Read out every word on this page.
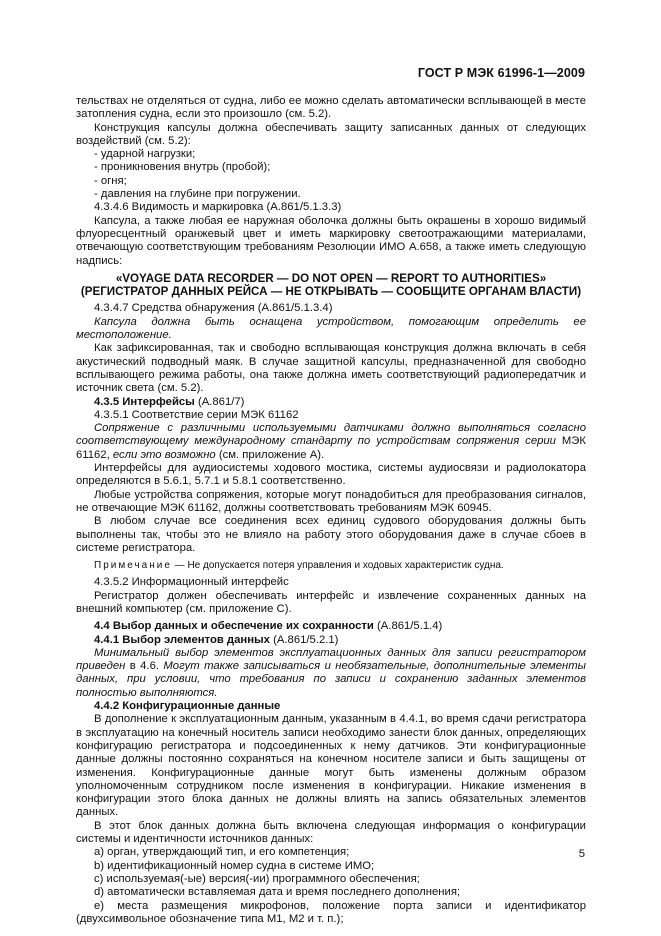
ГОСТ Р МЭК 61996-1—2009

тельствах не отделяться от судна, либо ее можно сделать автоматически всплывающей в месте затопления судна, если это произошло (см. 5.2).

Конструкция капсулы должна обеспечивать защиту записанных данных от следующих воздействий (см. 5.2):

- ударной нагрузки;

- проникновения внутрь (пробой);

- огня;

- давления на глубине при погружении.

4.3.4.6 Видимость и маркировка (А.861/5.1.3.3)

Капсула, а также любая ее наружная оболочка должны быть окрашены в хорошо видимый флуоресцентный оранжевый цвет и иметь маркировку светоотражающими материалами, отвечающую соответствующим требованиям Резолюции ИМО А.658, а также иметь следующую надпись:

«VOYAGE DATA RECORDER — DO NOT OPEN — REPORT TO AUTHORITIES»

(РЕГИСТРАТОР ДАННЫХ РЕЙСА — НЕ ОТКРЫВАТЬ — СООБЩИТЕ ОРГАНАМ ВЛАСТИ)

4.3.4.7 Средства обнаружения (А.861/5.1.3.4)

Капсула должна быть оснащена устройством, помогающим определить ее местоположение.

Как зафиксированная, так и свободно всплывающая конструкция должна включать в себя акустический подводный маяк. В случае защитной капсулы, предназначенной для свободно всплывающего режима работы, она также должна иметь соответствующий радиопередатчик и источник света (см. 5.2).

4.3.5 Интерфейсы (А.861/7)

4.3.5.1 Соответствие серии МЭК 61162

Сопряжение с различными используемыми датчиками должно выполняться согласно соответствующему международному стандарту по устройствам сопряжения серии МЭК 61162, если это возможно (см. приложение А).

Интерфейсы для аудиосистемы ходового мостика, системы аудиосвязи и радиолокатора определяются в 5.6.1, 5.7.1 и 5.8.1 соответственно.

Любые устройства сопряжения, которые могут понадобиться для преобразования сигналов, не отвечающие МЭК 61162, должны соответствовать требованиям МЭК 60945.

В любом случае все соединения всех единиц судового оборудования должны быть выполнены так, чтобы это не влияло на работу этого оборудования даже в случае сбоев в системе регистратора.

Примечание — Не допускается потеря управления и ходовых характеристик судна.

4.3.5.2 Информационный интерфейс

Регистратор должен обеспечивать интерфейс и извлечение сохраненных данных на внешний компьютер (см. приложение С).

4.4 Выбор данных и обеспечение их сохранности (А.861/5.1.4)

4.4.1 Выбор элементов данных (А.861/5.2.1)

Минимальный выбор элементов эксплуатационных данных для записи регистратором приведен в 4.6. Могут также записываться и необязательные, дополнительные элементы данных, при условии, что требования по записи и сохранению заданных элементов полностью выполняются.

4.4.2 Конфигурационные данные

В дополнение к эксплуатационным данным, указанным в 4.4.1, во время сдачи регистратора в эксплуатацию на конечный носитель записи необходимо занести блок данных, определяющих конфигурацию регистратора и подсоединенных к нему датчиков. Эти конфигурационные данные должны постоянно сохраняться на конечном носителе записи и быть защищены от изменения. Конфигурационные данные могут быть изменены должным образом уполномоченным сотрудником после изменения в конфигурации. Никакие изменения в конфигурации этого блока данных не должны влиять на запись обязательных элементов данных.

В этот блок данных должна быть включена следующая информация о конфигурации системы и идентичности источников данных:

a) орган, утверждающий тип, и его компетенция;

b) идентификационный номер судна в системе ИМО;

c) используемая(-ые) версия(-ии) программного обеспечения;

d) автоматически вставляемая дата и время последнего дополнения;

e) места размещения микрофонов, положение порта записи и идентификатор (двухсимвольное обозначение типа М1, М2 и т. п.);

5
